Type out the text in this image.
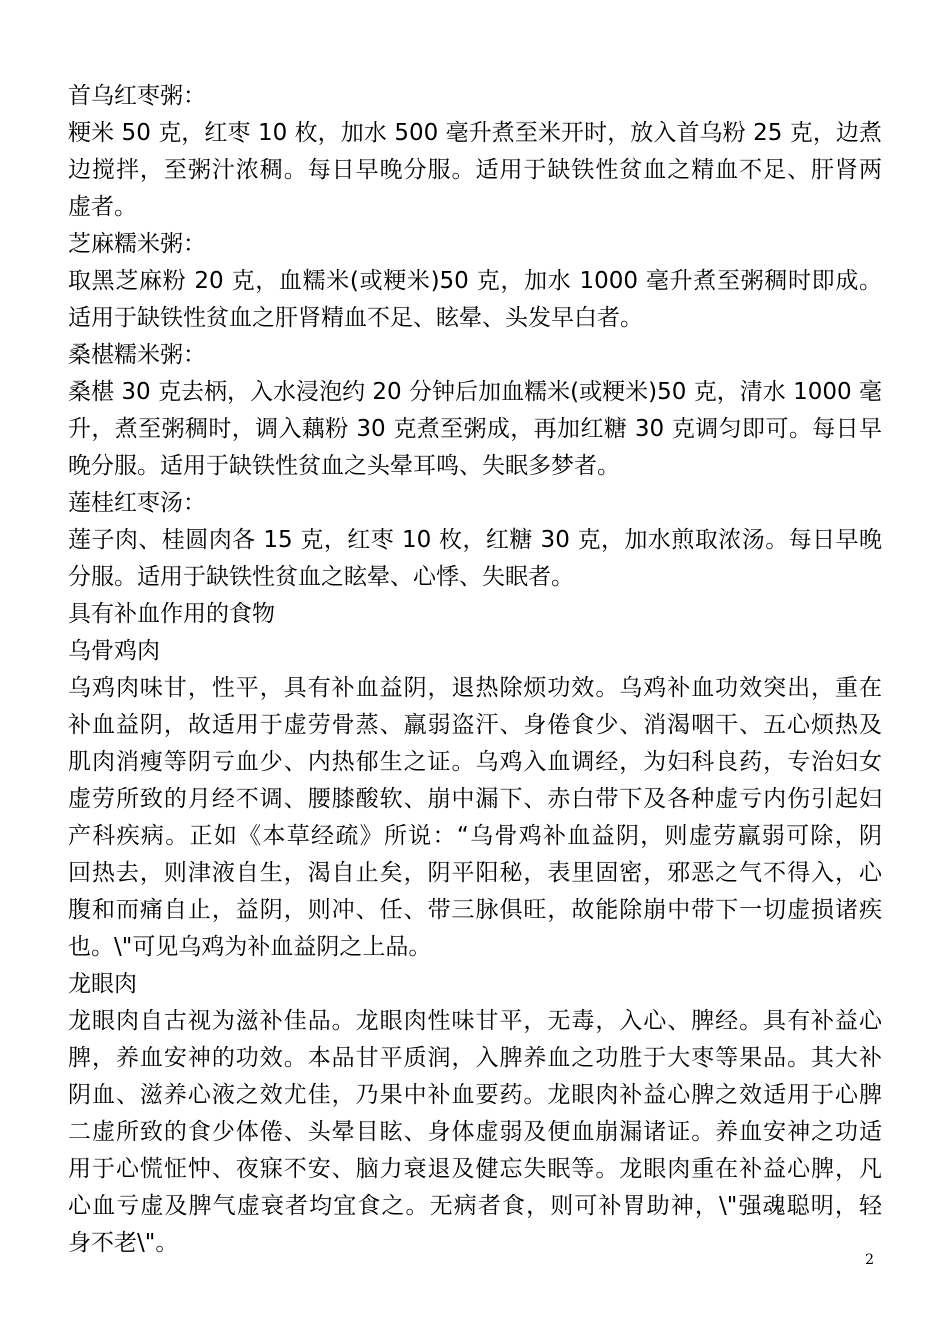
首乌红枣粥：
粳米 50 克，红枣 10 枚，加水 500 毫升煮至米开时，放入首乌粉 25 克，边煮
边搅拌，至粥汁浓稠。每日早晚分服。适用于缺铁性贫血之精血不足、肝肾两
虚者。
芝麻糯米粥：
取黑芝麻粉 20 克，血糯米(或粳米)50 克，加水 1000 毫升煮至粥稠时即成。
适用于缺铁性贫血之肝肾精血不足、眩晕、头发早白者。
桑椹糯米粥：
桑椹 30 克去柄，入水浸泡约 20 分钟后加血糯米(或粳米)50 克，清水 1000 毫
升，煮至粥稠时，调入藕粉 30 克煮至粥成，再加红糖 30 克调匀即可。每日早
晚分服。适用于缺铁性贫血之头晕耳鸣、失眠多梦者。
莲桂红枣汤：
莲子肉、桂圆肉各 15 克，红枣 10 枚，红糖 30 克，加水煎取浓汤。每日早晚
分服。适用于缺铁性贫血之眩晕、心悸、失眠者。
具有补血作用的食物
乌骨鸡肉
乌鸡肉味甘，性平，具有补血益阴，退热除烦功效。乌鸡补血功效突出，重在
补血益阴，故适用于虚劳骨蒸、羸弱盗汗、身倦食少、消渴咽干、五心烦热及
肌肉消瘦等阴亏血少、内热郁生之证。乌鸡入血调经，为妇科良药，专治妇女
虚劳所致的月经不调、腰膝酸软、崩中漏下、赤白带下及各种虚亏内伤引起妇
产科疾病。正如《本草经疏》所说：“乌骨鸡补血益阴，则虚劳羸弱可除，阴
回热去，则津液自生，渴自止矣，阴平阳秘，表里固密，邪恶之气不得入，心
腹和而痛自止，益阴，则冲、任、带三脉俱旺，故能除崩中带下一切虚损诸疾
也。\"可见乌鸡为补血益阴之上品。
龙眼肉
龙眼肉自古视为滋补佳品。龙眼肉性味甘平，无毒，入心、脾经。具有补益心
脾，养血安神的功效。本品甘平质润，入脾养血之功胜于大枣等果品。其大补
阴血、滋养心液之效尤佳，乃果中补血要药。龙眼肉补益心脾之效适用于心脾
二虚所致的食少体倦、头晕目眩、身体虚弱及便血崩漏诸证。养血安神之功适
用于心慌怔忡、夜寐不安、脑力衰退及健忘失眠等。龙眼肉重在补益心脾，凡
心血亏虚及脾气虚衰者均宜食之。无病者食，则可补胃助神，\"强魂聪明，轻
身不老\"。
2
